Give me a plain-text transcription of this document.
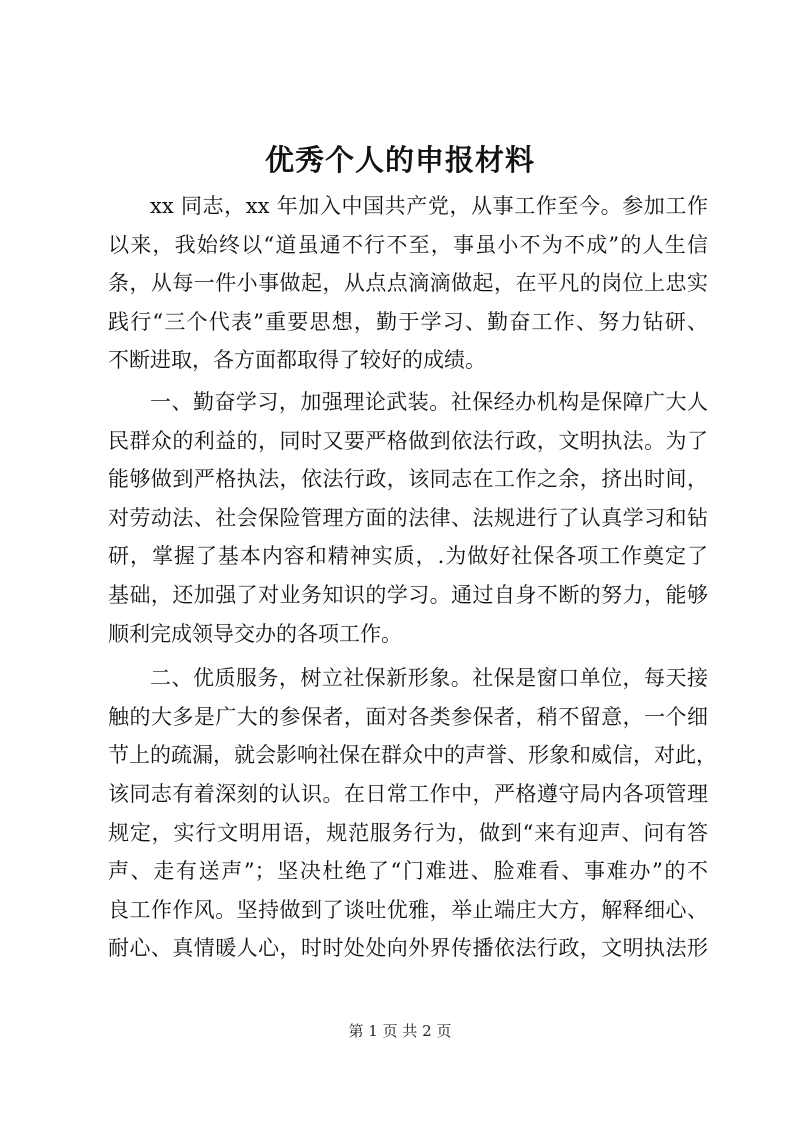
优秀个人的申报材料
xx 同志，xx 年加入中国共产党，从事工作至今。参加工作
以来，我始终以“道虽通不行不至，事虽小不为不成”的人生信
条，从每一件小事做起，从点点滴滴做起，在平凡的岗位上忠实
践行“三个代表”重要思想，勤于学习、勤奋工作、努力钻研、
不断进取，各方面都取得了较好的成绩。
一、勤奋学习，加强理论武装。社保经办机构是保障广大人
民群众的利益的，同时又要严格做到依法行政，文明执法。为了
能够做到严格执法，依法行政，该同志在工作之余，挤出时间，
对劳动法、社会保险管理方面的法律、法规进行了认真学习和钻
研，掌握了基本内容和精神实质，.为做好社保各项工作奠定了
基础，还加强了对业务知识的学习。通过自身不断的努力，能够
顺利完成领导交办的各项工作。
二、优质服务，树立社保新形象。社保是窗口单位，每天接
触的大多是广大的参保者，面对各类参保者，稍不留意，一个细
节上的疏漏，就会影响社保在群众中的声誉、形象和威信，对此，
该同志有着深刻的认识。在日常工作中，严格遵守局内各项管理
规定，实行文明用语，规范服务行为，做到“来有迎声、问有答
声、走有送声”；坚决杜绝了“门难进、脸难看、事难办”的不
良工作作风。坚持做到了谈吐优雅，举止端庄大方，解释细心、
耐心、真情暖人心，时时处处向外界传播依法行政，文明执法形
第 1 页 共 2 页
